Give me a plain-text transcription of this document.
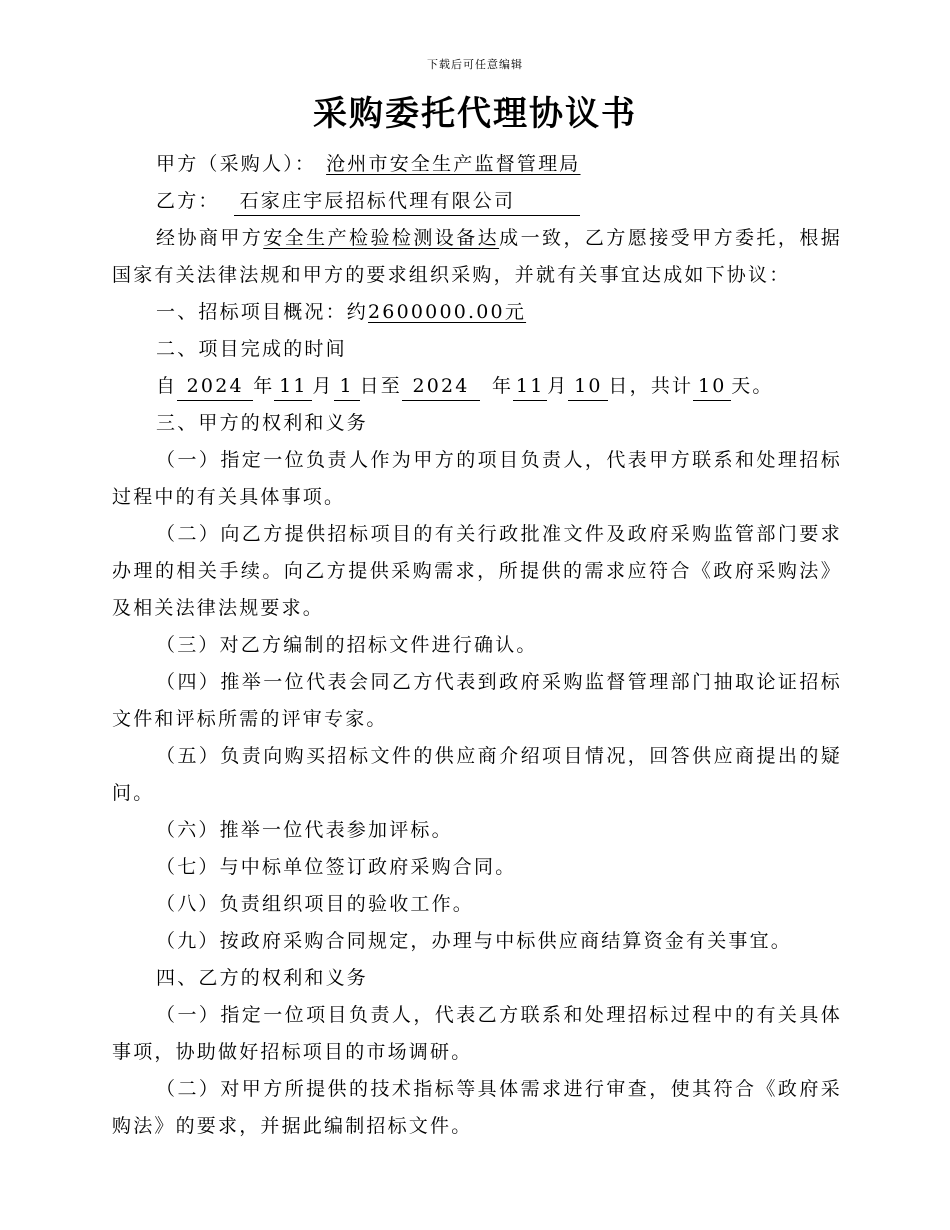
下载后可任意编辑
采购委托代理协议书

甲方（采购人）： 沧州市安全生产监督管理局

乙方： 石家庄宇辰招标代理有限公司

经协商甲方安全生产检验检测设备达成一致，乙方愿接受甲方委托，根据国家有关法律法规和甲方的要求组织采购，并就有关事宜达成如下协议：

一、招标项目概况：约2600000.00元

二、项目完成的时间

自 2024 年 11 月 1 日至 2024 年 11 月 10 日，共计 10 天。

三、甲方的权利和义务

（一）指定一位负责人作为甲方的项目负责人，代表甲方联系和处理招标过程中的有关具体事项。

（二）向乙方提供招标项目的有关行政批准文件及政府采购监管部门要求办理的相关手续。向乙方提供采购需求，所提供的需求应符合《政府采购法》及相关法律法规要求。

（三）对乙方编制的招标文件进行确认。

（四）推举一位代表会同乙方代表到政府采购监督管理部门抽取论证招标文件和评标所需的评审专家。

（五）负责向购买招标文件的供应商介绍项目情况，回答供应商提出的疑问。

（六）推举一位代表参加评标。

（七）与中标单位签订政府采购合同。

（八）负责组织项目的验收工作。

（九）按政府采购合同规定，办理与中标供应商结算资金有关事宜。

四、乙方的权利和义务

（一）指定一位项目负责人，代表乙方联系和处理招标过程中的有关具体事项，协助做好招标项目的市场调研。

（二）对甲方所提供的技术指标等具体需求进行审查，使其符合《政府采购法》的要求，并据此编制招标文件。
